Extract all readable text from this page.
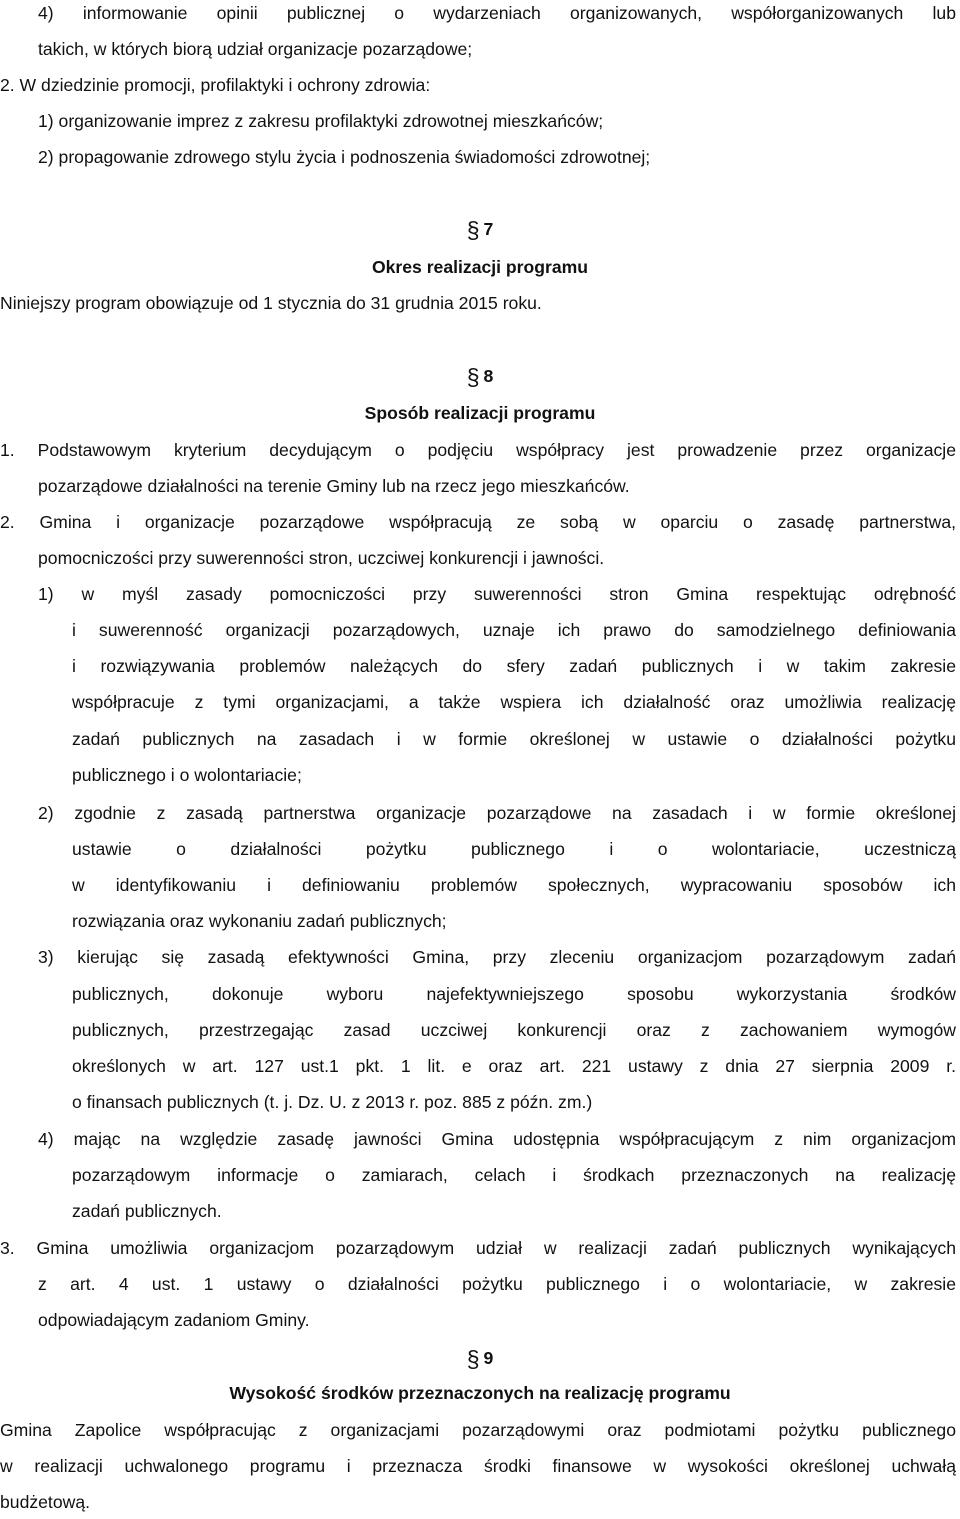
4) informowanie opinii publicznej o wydarzeniach organizowanych, współorganizowanych lub
takich, w których biorą udział organizacje pozarządowe;
2. W dziedzinie promocji, profilaktyki i ochrony zdrowia:
1) organizowanie imprez z zakresu profilaktyki zdrowotnej mieszkańców;
2) propagowanie zdrowego stylu życia i podnoszenia świadomości zdrowotnej;
§ 7
Okres realizacji programu
Niniejszy program obowiązuje od 1 stycznia do 31 grudnia 2015 roku.
§ 8
Sposób realizacji programu
1. Podstawowym kryterium decydującym o podjęciu współpracy jest prowadzenie przez organizacje
pozarządowe działalności na terenie Gminy lub na rzecz jego mieszkańców.
2. Gmina i organizacje pozarządowe współpracują ze sobą w oparciu o zasadę partnerstwa,
pomocniczości przy suwerenności stron, uczciwej konkurencji i jawności.
1) w myśl zasady pomocniczości przy suwerenności stron Gmina respektując odrębność
i suwerenność organizacji pozarządowych, uznaje ich prawo do samodzielnego definiowania
i rozwiązywania problemów należących do sfery zadań publicznych i w takim zakresie
współpracuje z tymi organizacjami, a także wspiera ich działalność oraz umożliwia realizację
zadań publicznych na zasadach i w formie określonej w ustawie o działalności pożytku
publicznego i o wolontariacie;
2) zgodnie z zasadą partnerstwa organizacje pozarządowe na zasadach i w formie określonej
ustawie o działalności pożytku publicznego i o wolontariacie, uczestniczą
w identyfikowaniu i definiowaniu problemów społecznych, wypracowaniu sposobów ich
rozwiązania oraz wykonaniu zadań publicznych;
3) kierując się zasadą efektywności Gmina, przy zleceniu organizacjom pozarządowym zadań
publicznych, dokonuje wyboru najefektywniejszego sposobu wykorzystania środków
publicznych, przestrzegając zasad uczciwej konkurencji oraz z zachowaniem wymogów
określonych w art. 127 ust.1 pkt. 1 lit. e oraz art. 221 ustawy z dnia 27 sierpnia 2009 r.
o finansach publicznych (t. j. Dz. U. z 2013 r. poz. 885 z późn. zm.)
4) mając na względzie zasadę jawności Gmina udostępnia współpracującym z nim organizacjom
pozarządowym informacje o zamiarach, celach i środkach przeznaczonych na realizację
zadań publicznych.
3. Gmina umożliwia organizacjom pozarządowym udział w realizacji zadań publicznych wynikających
z art. 4 ust. 1 ustawy o działalności pożytku publicznego i o wolontariacie, w zakresie
odpowiadającym zadaniom Gminy.
§ 9
Wysokość środków przeznaczonych na realizację programu
Gmina Zapolice współpracując z organizacjami pozarządowymi oraz podmiotami pożytku publicznego
w realizacji uchwalonego programu i przeznacza środki finansowe w wysokości określonej uchwałą
budżetową.
